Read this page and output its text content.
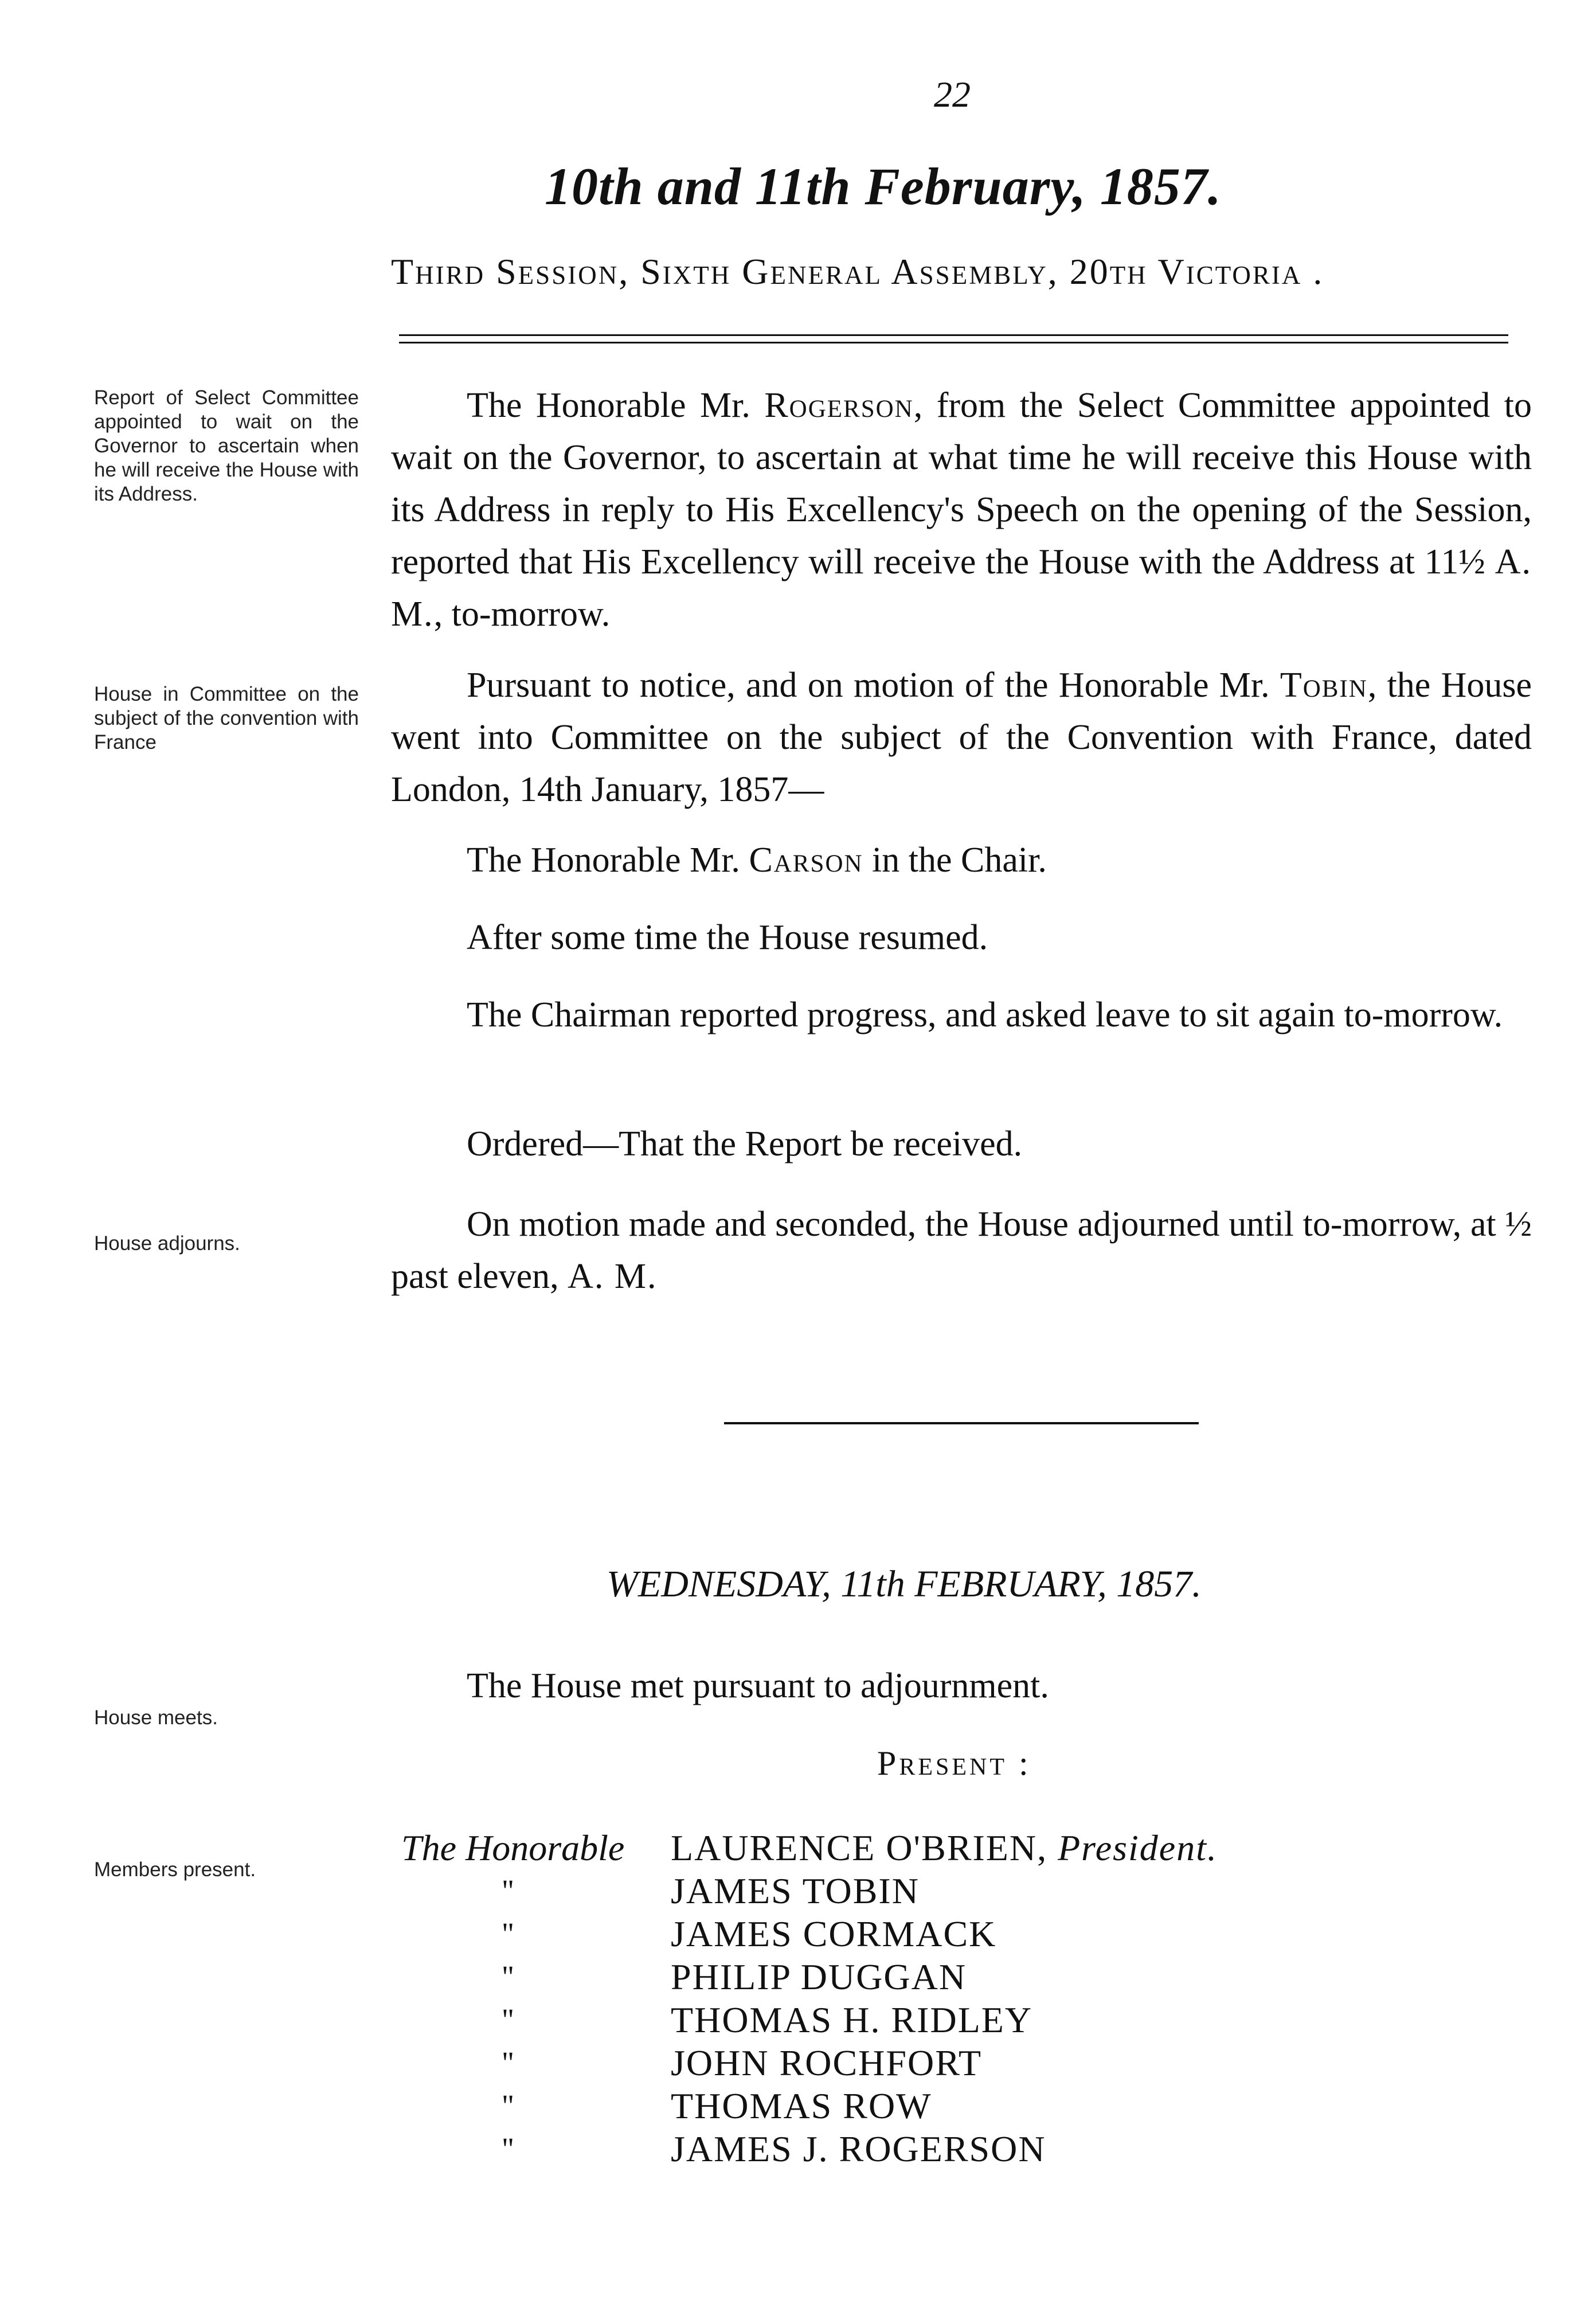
22
10th and 11th February, 1857.
Third Session, Sixth General Assembly, 20th Victoria .
Report of Select Committee appointed to wait on the Governor to ascertain when he will receive the House with its Address.
The Honorable Mr. Rogerson, from the Select Committee appointed to wait on the Governor, to ascertain at what time he will receive this House with its Address in reply to His Excellency's Speech on the opening of the Session, reported that His Excellency will receive the House with the Address at 11½ A. M., to-morrow.
House in Committee on the subject of the convention with France
Pursuant to notice, and on motion of the Honorable Mr. Tobin, the House went into Committee on the subject of the Convention with France, dated London, 14th January, 1857—
The Honorable Mr. Carson in the Chair.
After some time the House resumed.
The Chairman reported progress, and asked leave to sit again to-morrow.
Ordered—That the Report be received.
House adjourns.	On motion made and seconded, the House adjourned until to-morrow, at ½ past eleven, A. M.
WEDNESDAY, 11th FEBRUARY, 1857.
House meets.
The House met pursuant to adjournment.
Present :
Members present.
The Honorable LAURENCE O'BRIEN, President.
"	JAMES TOBIN
"	JAMES CORMACK
"	PHILIP DUGGAN
"	THOMAS H. RIDLEY
"	JOHN ROCHFORT
"	THOMAS ROW
"	JAMES J. ROGERSON
